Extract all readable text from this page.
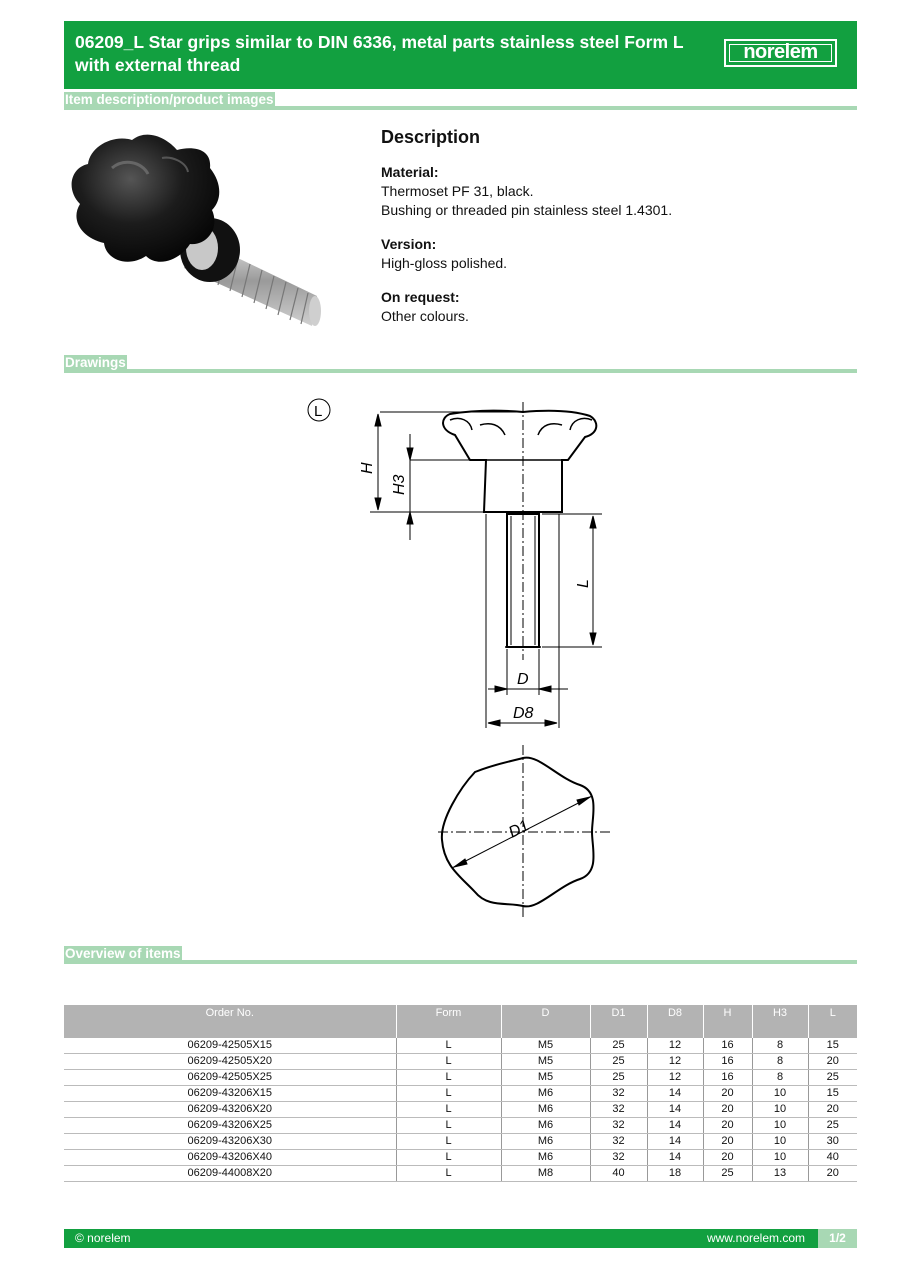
06209_L Star grips similar to DIN 6336, metal parts stainless steel Form L with external thread
norelem
Item description/product images
Description
Material:
Thermoset PF 31, black.
Bushing or threaded pin stainless steel 1.4301.
Version:
High-gloss polished.
On request:
Other colours.
Drawings
L
H
H3
L
D
D8
D1
Overview of items
Order No.	Form	D	D1	D8	H	H3	L
06209-42505X15	L	M5	25	12	16	8	15
06209-42505X20	L	M5	25	12	16	8	20
06209-42505X25	L	M5	25	12	16	8	25
06209-43206X15	L	M6	32	14	20	10	15
06209-43206X20	L	M6	32	14	20	10	20
06209-43206X25	L	M6	32	14	20	10	25
06209-43206X30	L	M6	32	14	20	10	30
06209-43206X40	L	M6	32	14	20	10	40
06209-44008X20	L	M8	40	18	25	13	20
© norelem	www.norelem.com	1/2
